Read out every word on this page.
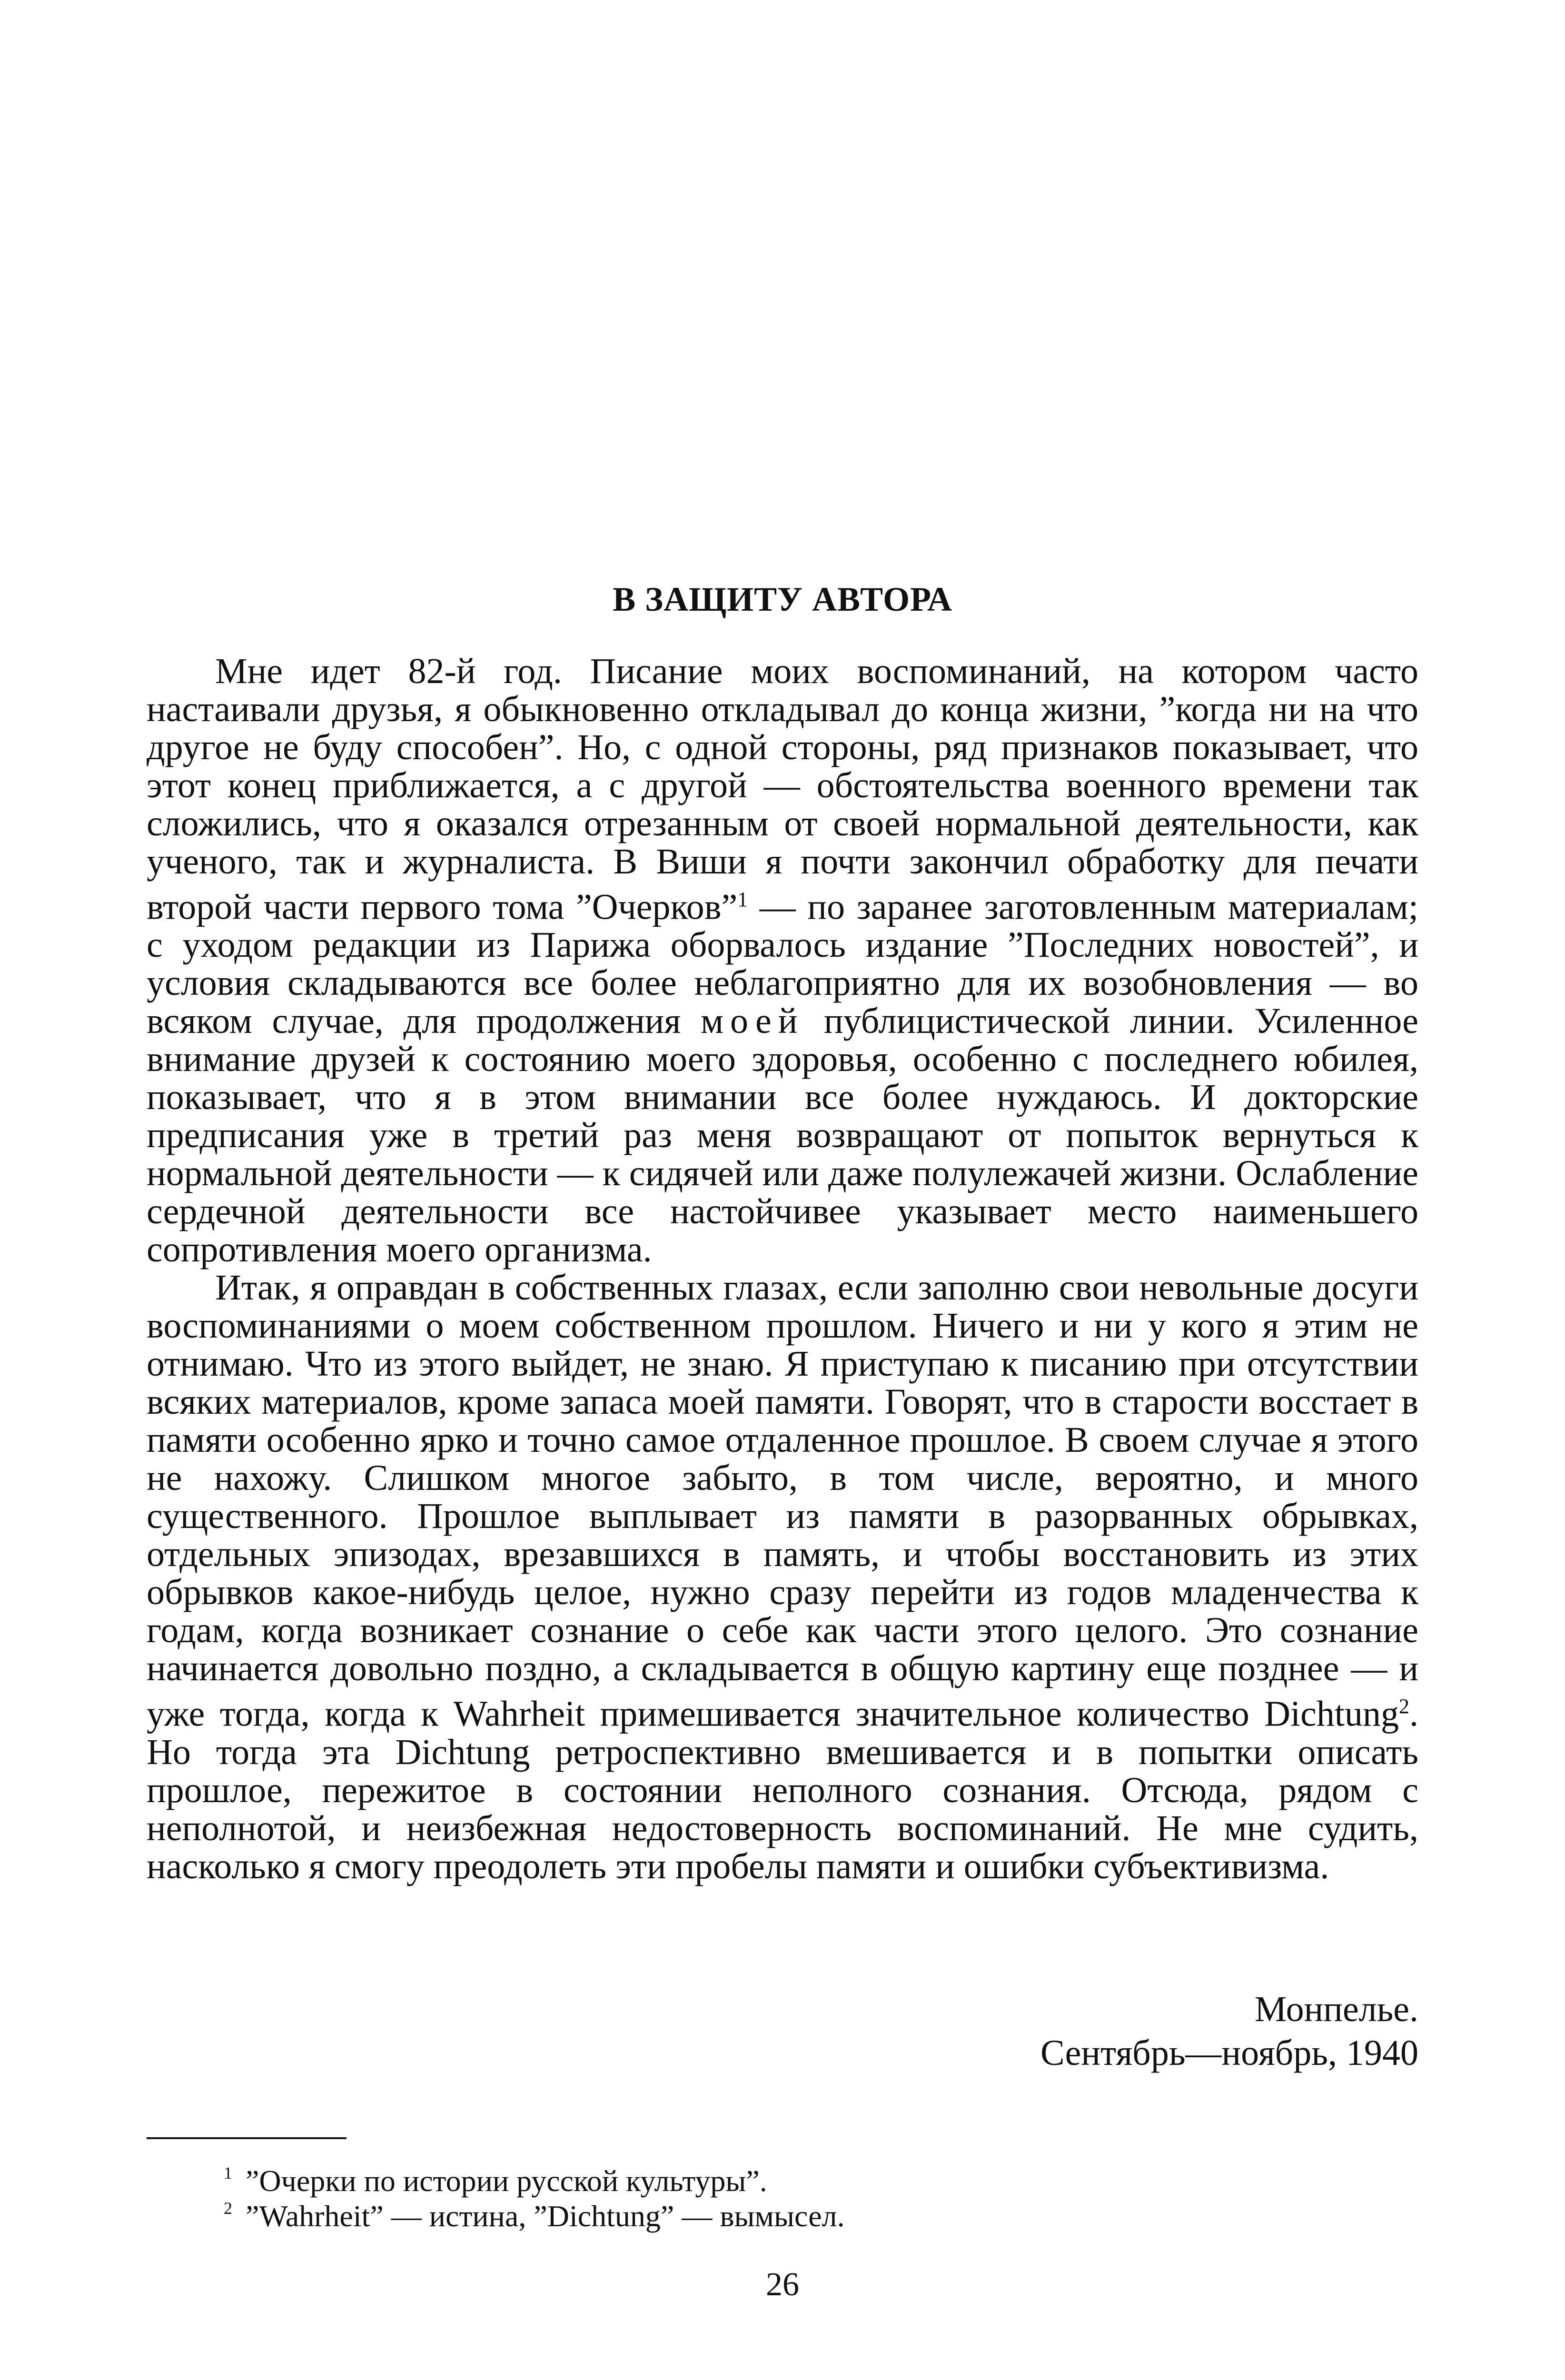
В ЗАЩИТУ АВТОРА

Мне идет 82-й год. Писание моих воспоминаний, на котором часто настаивали друзья, я обыкновенно откладывал до конца жизни, ”когда ни на что другое не буду способен”. Но, с одной стороны, ряд признаков показывает, что этот конец приближается, а с другой — обстоятельства военного времени так сложились, что я оказался отрезанным от своей нормальной деятельности, как ученого, так и журналиста. В Виши я почти закончил обработку для печати второй части первого тома ”Очерков”$^1$ — по заранее заготовленным материалам; с уходом редакции из Парижа оборвалось издание ”Последних новостей”, и условия складываются все более неблагоприятно для их возобновления — во всяком случае, для продолжения моей публицистической линии. Усиленное внимание друзей к состоянию моего здоровья, особенно с последнего юбилея, показывает, что я в этом внимании все более нуждаюсь. И докторские предписания уже в третий раз меня возвращают от попыток вернуться к нормальной деятельности — к сидячей или даже полулежачей жизни. Ослабление сердечной деятельности все настойчивее указывает место наименьшего сопротивления моего организма.

Итак, я оправдан в собственных глазах, если заполню свои невольные досуги воспоминаниями о моем собственном прошлом. Ничего и ни у кого я этим не отнимаю. Что из этого выйдет, не знаю. Я приступаю к писанию при отсутствии всяких материалов, кроме запаса моей памяти. Говорят, что в старости восстает в памяти особенно ярко и точно самое отдаленное прошлое. В своем случае я этого не нахожу. Слишком многое забыто, в том числе, вероятно, и много существенного. Прошлое выплывает из памяти в разорванных обрывках, отдельных эпизодах, врезавшихся в память, и чтобы восстановить из этих обрывков какое-нибудь целое, нужно сразу перейти из годов младенчества к годам, когда возникает сознание о себе как части этого целого. Это сознание начинается довольно поздно, а складывается в общую картину еще позднее — и уже тогда, когда к Wahrheit примешивается значительное количество Dichtung$^2$. Но тогда эта Dichtung ретроспективно вмешивается и в попытки описать прошлое, пережитое в состоянии неполного сознания. Отсюда, рядом с неполнотой, и неизбежная недостоверность воспоминаний. Не мне судить, насколько я смогу преодолеть эти пробелы памяти и ошибки субъективизма.

Монпелье.
Сентябрь—ноябрь, 1940
$^1$ ”Очерки по истории русской культуры”.
$^2$ ”Wahrheit” — истина, ”Dichtung” — вымысел.
26
